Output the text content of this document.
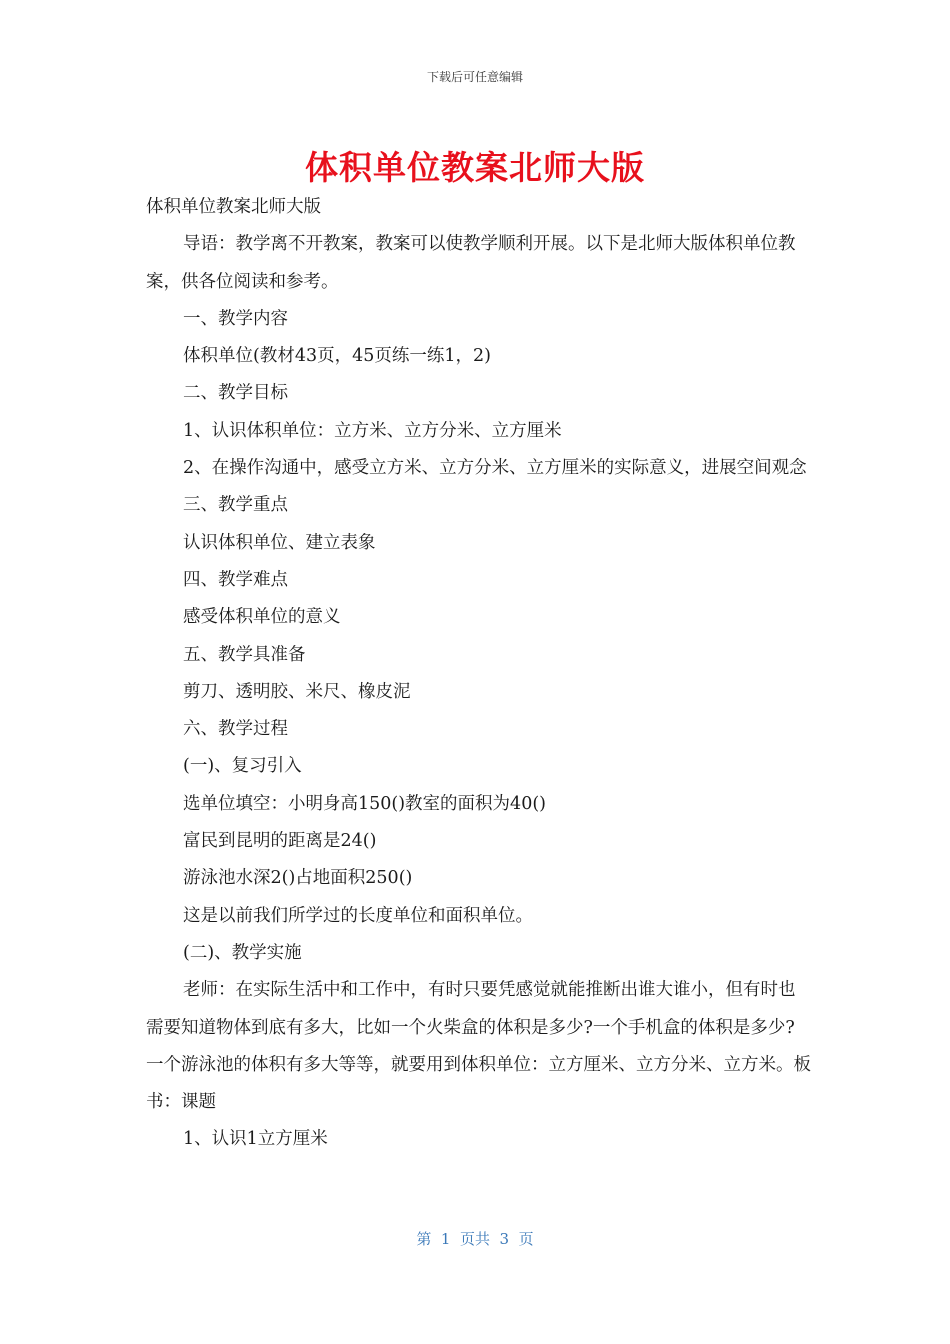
下载后可任意编辑
体积单位教案北师大版

体积单位教案北师大版

导语：教学离不开教案，教案可以使教学顺利开展。以下是北师大版体积单位教案，供各位阅读和参考。

一、教学内容

体积单位(教材43页，45页练一练1，2)

二、教学目标

1、认识体积单位：立方米、立方分米、立方厘米

2、在操作沟通中，感受立方米、立方分米、立方厘米的实际意义，进展空间观念

三、教学重点

认识体积单位、建立表象

四、教学难点

感受体积单位的意义

五、教学具准备

剪刀、透明胶、米尺、橡皮泥

六、教学过程

(一)、复习引入

选单位填空：小明身高150()教室的面积为40()

富民到昆明的距离是24()

游泳池水深2()占地面积250()

这是以前我们所学过的长度单位和面积单位。

(二)、教学实施

老师：在实际生活中和工作中，有时只要凭感觉就能推断出谁大谁小，但有时也需要知道物体到底有多大，比如一个火柴盒的体积是多少?一个手机盒的体积是多少?一个游泳池的体积有多大等等，就要用到体积单位：立方厘米、立方分米、立方米。板书：课题

1、认识1立方厘米

第  1  页共  3  页
